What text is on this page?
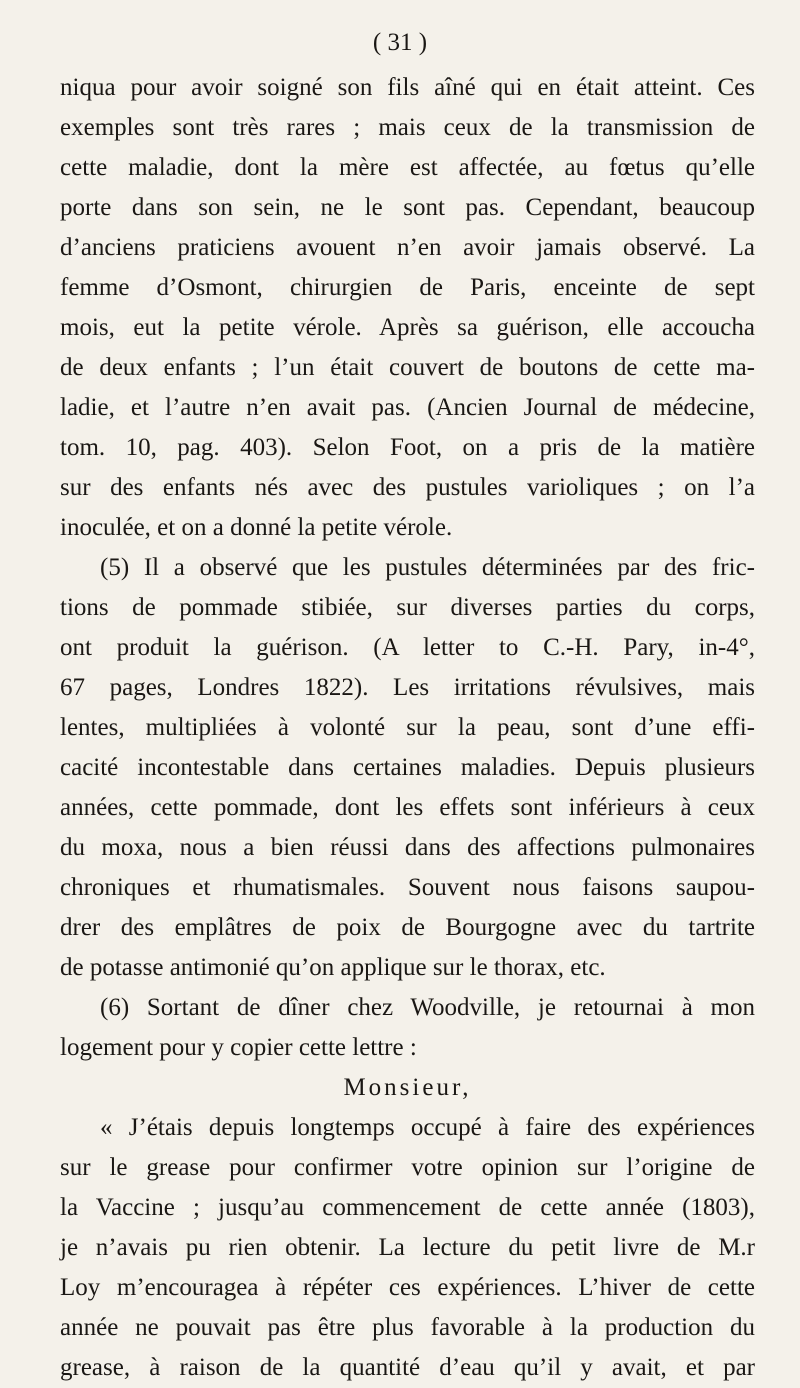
( 31 )
niqua pour avoir soigné son fils aîné qui en était atteint. Ces
exemples sont très rares ; mais ceux de la transmission de
cette maladie, dont la mère est affectée, au fœtus qu’elle
porte dans son sein, ne le sont pas. Cependant, beaucoup
d’anciens praticiens avouent n’en avoir jamais observé. La
femme d’Osmont, chirurgien de Paris, enceinte de sept
mois, eut la petite vérole. Après sa guérison, elle accoucha
de deux enfants ; l’un était couvert de boutons de cette ma-
ladie, et l’autre n’en avait pas. (Ancien Journal de médecine,
tom. 10, pag. 403). Selon Foot, on a pris de la matière
sur des enfants nés avec des pustules varioliques ; on l’a
inoculée, et on a donné la petite vérole.
(5) Il a observé que les pustules déterminées par des fric-
tions de pommade stibiée, sur diverses parties du corps,
ont produit la guérison. (A letter to C.-H. Pary, in-4°,
67 pages, Londres 1822). Les irritations révulsives, mais
lentes, multipliées à volonté sur la peau, sont d’une effi-
cacité incontestable dans certaines maladies. Depuis plusieurs
années, cette pommade, dont les effets sont inférieurs à ceux
du moxa, nous a bien réussi dans des affections pulmonaires
chroniques et rhumatismales. Souvent nous faisons saupou-
drer des emplâtres de poix de Bourgogne avec du tartrite
de potasse antimonié qu’on applique sur le thorax, etc.
(6) Sortant de dîner chez Woodville, je retournai à mon
logement pour y copier cette lettre :
Monsieur,
« J’étais depuis longtemps occupé à faire des expériences
sur le grease pour confirmer votre opinion sur l’origine de
la Vaccine ; jusqu’au commencement de cette année (1803),
je n’avais pu rien obtenir. La lecture du petit livre de M.r
Loy m’encouragea à répéter ces expériences. L’hiver de cette
année ne pouvait pas être plus favorable à la production du
grease, à raison de la quantité d’eau qu’il y avait, et par
